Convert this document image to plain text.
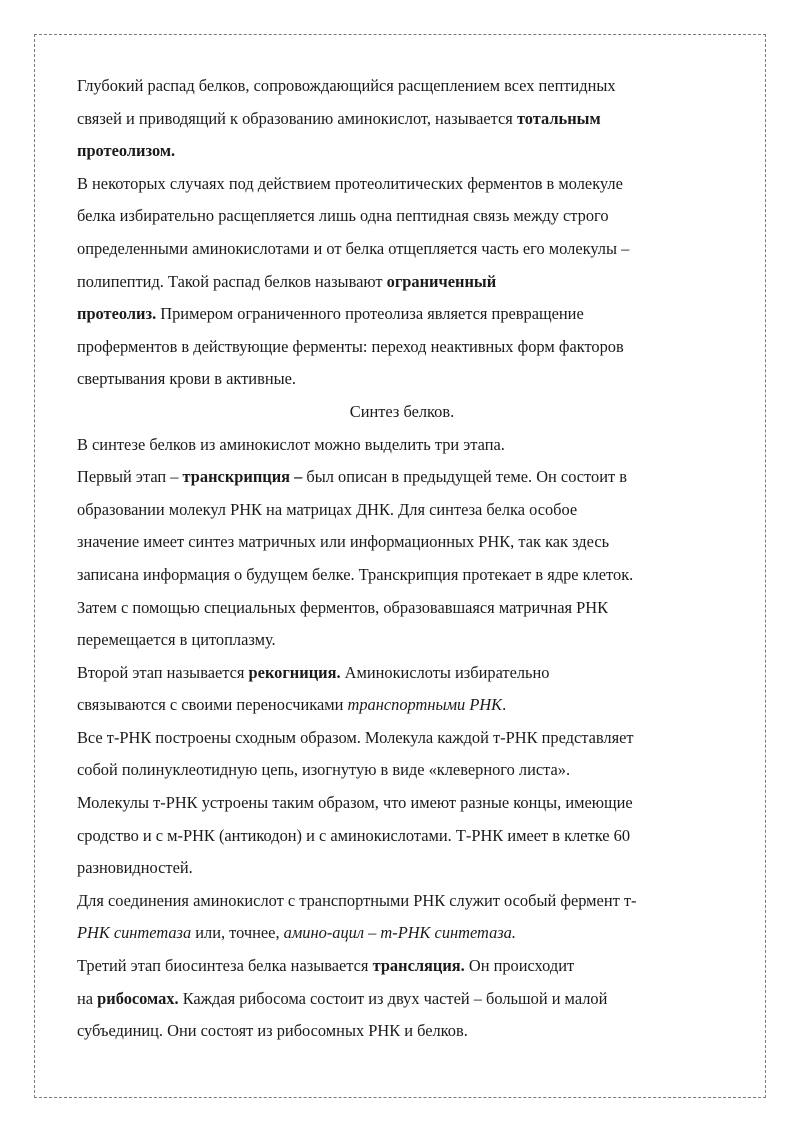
Глубокий распад белков, сопровождающийся расщеплением всех пептидных
связей и приводящий к образованию аминокислот, называется тотальным
протеолизом.
В некоторых случаях под действием протеолитических ферментов в молекуле
белка избирательно расщепляется лишь одна пептидная связь между строго
определенными аминокислотами и от белка отщепляется часть его молекулы –
полипептид. Такой распад белков называют ограниченный
протеолиз. Примером ограниченного протеолиза является превращение
проферментов в действующие ферменты: переход неактивных форм факторов
свертывания крови в активные.
Синтез белков.
В синтезе белков из аминокислот можно выделить три этапа.
Первый этап – транскрипция – был описан в предыдущей теме. Он состоит в
образовании молекул РНК на матрицах ДНК. Для синтеза белка особое
значение имеет синтез матричных или информационных РНК, так как здесь
записана информация о будущем белке. Транскрипция протекает в ядре клеток.
Затем с помощью специальных ферментов, образовавшаяся матричная РНК
перемещается в цитоплазму.
Второй этап называется рекогниция. Аминокислоты избирательно
связываются с своими переносчиками транспортными РНК.
Все т-РНК построены сходным образом. Молекула каждой т-РНК представляет
собой полинуклеотидную цепь, изогнутую в виде «клеверного листа».
Молекулы т-РНК устроены таким образом, что имеют разные концы, имеющие
сродство и с м-РНК (антикодон) и с аминокислотами. Т-РНК имеет в клетке 60
разновидностей.
Для соединения аминокислот с транспортными РНК служит особый фермент т-
РНК синтетаза или, точнее, амино-ацил – т-РНК синтетаза.
Третий этап биосинтеза белка называется трансляция. Он происходит
на рибосомах. Каждая рибосома состоит из двух частей – большой и малой
субъединиц. Они состоят из рибосомных РНК и белков.
